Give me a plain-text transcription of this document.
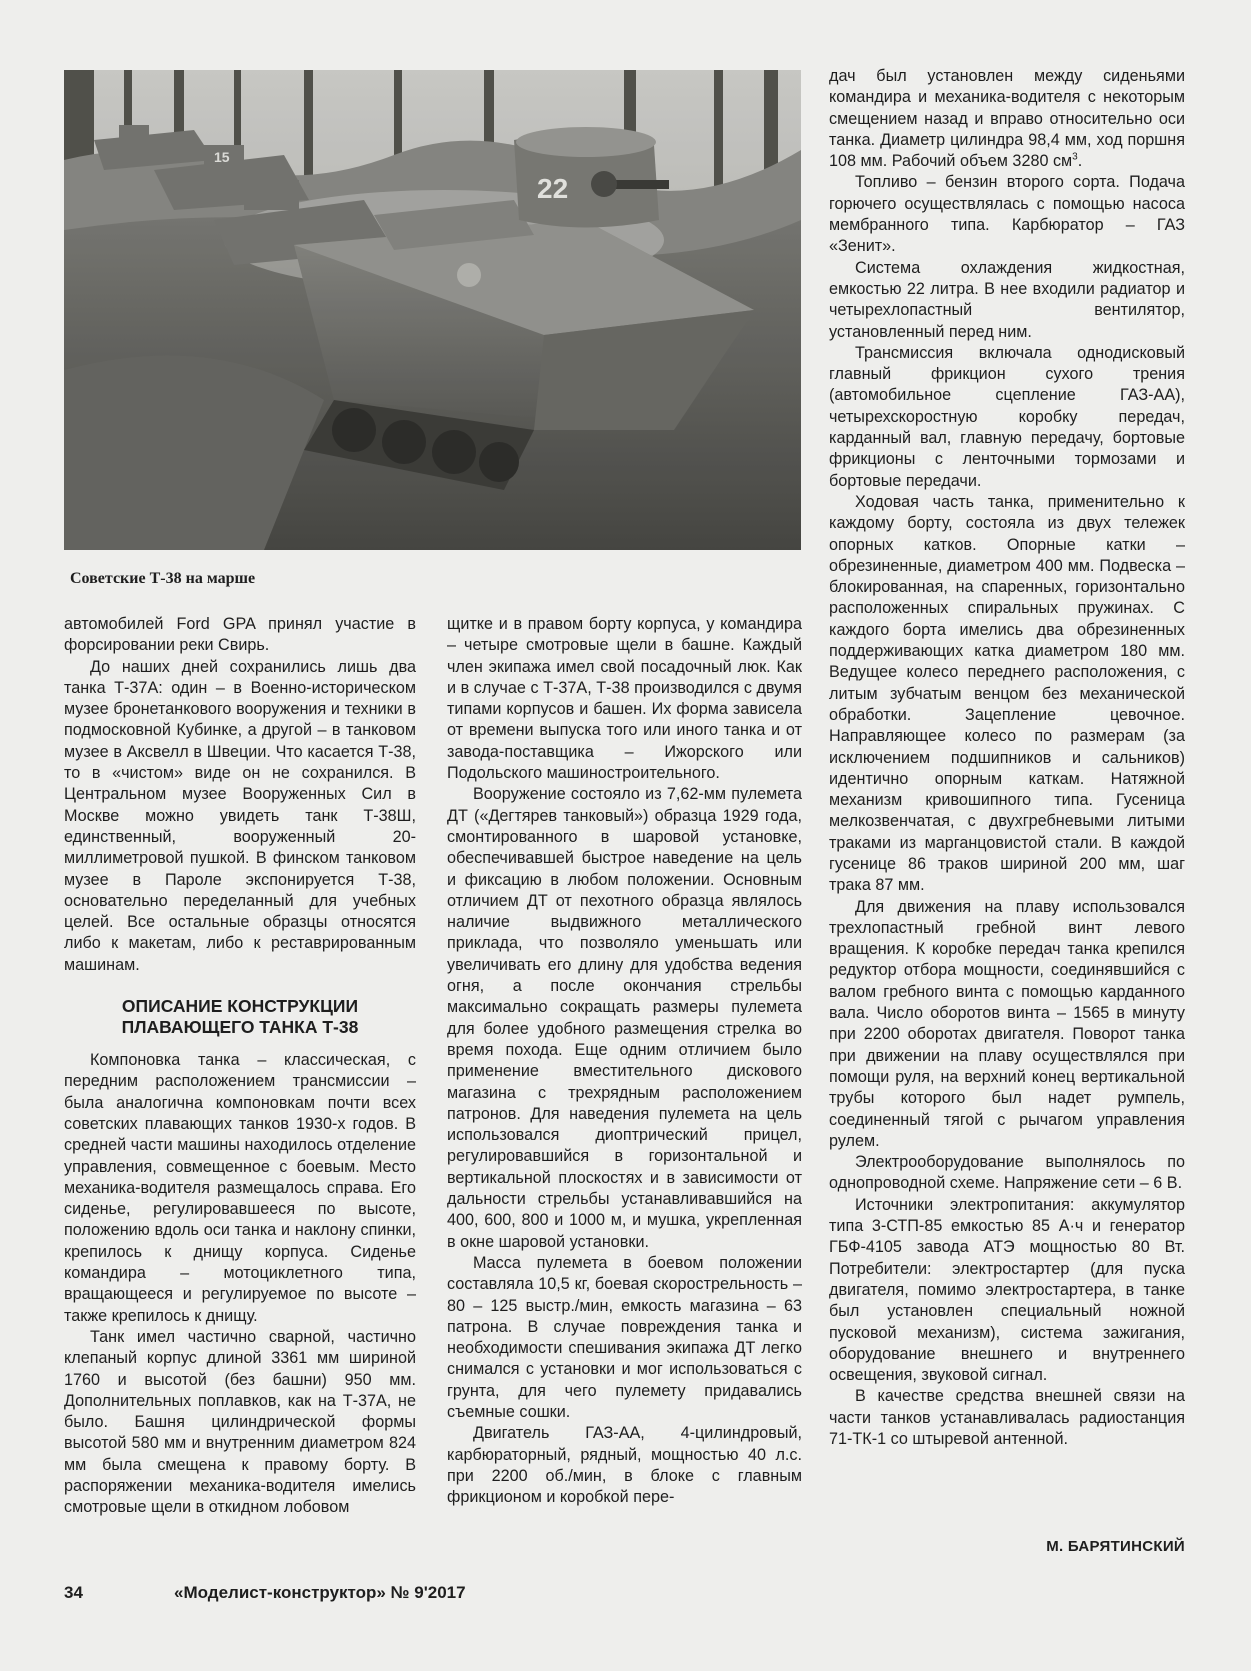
15
22
Советские Т-38 на марше

автомобилей Ford GPA принял участие в форсировании реки Свирь.

До наших дней сохранились лишь два танка Т-37А: один – в Военно-историческом музее бронетанкового вооружения и техники в подмосковной Кубинке, а другой – в танковом музее в Аксвелл в Швеции. Что касается Т-38, то в «чистом» виде он не сохранился. В Центральном музее Вооруженных Сил в Москве можно увидеть танк Т-38Ш, единственный, вооруженный 20-миллиметровой пушкой. В финском танковом музее в Пароле экспонируется Т-38, основательно переделанный для учебных целей. Все остальные образцы относятся либо к макетам, либо к реставрированным машинам.

ОПИСАНИЕ КОНСТРУКЦИИ
ПЛАВАЮЩЕГО ТАНКА Т-38

Компоновка танка – классическая, с передним расположением трансмиссии – была аналогична компоновкам почти всех советских плавающих танков 1930-х годов. В средней части машины находилось отделение управления, совмещенное с боевым. Место механика-водителя размещалось справа. Его сиденье, регулировавшееся по высоте, положению вдоль оси танка и наклону спинки, крепилось к днищу корпуса. Сиденье командира – мотоциклетного типа, вращающееся и регулируемое по высоте – также крепилось к днищу.

Танк имел частично сварной, частично клепаный корпус длиной 3361 мм шириной 1760 и высотой (без башни) 950 мм. Дополнительных поплавков, как на Т-37А, не было. Башня цилиндрической формы высотой 580 мм и внутренним диаметром 824 мм была смещена к правому борту. В распоряжении механика-водителя имелись смотровые щели в откидном лобовом

щитке и в правом борту корпуса, у командира – четыре смотровые щели в башне. Каждый член экипажа имел свой посадочный люк. Как и в случае с Т-37А, Т-38 производился с двумя типами корпусов и башен. Их форма зависела от времени выпуска того или иного танка и от завода-поставщика – Ижорского или Подольского машиностроительного.

Вооружение состояло из 7,62-мм пулемета ДТ («Дегтярев танковый») образца 1929 года, смонтированного в шаровой установке, обеспечивавшей быстрое наведение на цель и фиксацию в любом положении. Основным отличием ДТ от пехотного образца являлось наличие выдвижного металлического приклада, что позволяло уменьшать или увеличивать его длину для удобства ведения огня, а после окончания стрельбы максимально сокращать размеры пулемета для более удобного размещения стрелка во время похода. Еще одним отличием было применение вместительного дискового магазина с трехрядным расположением патронов. Для наведения пулемета на цель использовался диоптрический прицел, регулировавшийся в горизонтальной и вертикальной плоскостях и в зависимости от дальности стрельбы устанавливавшийся на 400, 600, 800 и 1000 м, и мушка, укрепленная в окне шаровой установки.

Масса пулемета в боевом положении составляла 10,5 кг, боевая скорострельность – 80 – 125 выстр./мин, емкость магазина – 63 патрона. В случае повреждения танка и необходимости спешивания экипажа ДТ легко снимался с установки и мог использоваться с грунта, для чего пулемету придавались съемные сошки.

Двигатель ГАЗ-АА, 4-цилиндровый, карбюраторный, рядный, мощностью 40 л.с. при 2200 об./мин, в блоке с главным фрикционом и коробкой пере-

дач был установлен между сиденьями командира и механика-водителя с некоторым смещением назад и вправо относительно оси танка. Диаметр цилиндра 98,4 мм, ход поршня 108 мм. Рабочий объем 3280 $см^3$.

Топливо – бензин второго сорта. Подача горючего осуществлялась с помощью насоса мембранного типа. Карбюратор – ГАЗ «Зенит».

Система охлаждения жидкостная, емкостью 22 литра. В нее входили радиатор и четырехлопастный вентилятор, установленный перед ним.

Трансмиссия включала однодисковый главный фрикцион сухого трения (автомобильное сцепление ГАЗ-АА), четырехскоростную коробку передач, карданный вал, главную передачу, бортовые фрикционы с ленточными тормозами и бортовые передачи.

Ходовая часть танка, применительно к каждому борту, состояла из двух тележек опорных катков. Опорные катки – обрезиненные, диаметром 400 мм. Подвеска – блокированная, на спаренных, горизонтально расположенных спиральных пружинах. С каждого борта имелись два обрезиненных поддерживающих катка диаметром 180 мм. Ведущее колесо переднего расположения, с литым зубчатым венцом без механической обработки. Зацепление цевочное. Направляющее колесо по размерам (за исключением подшипников и сальников) идентично опорным каткам. Натяжной механизм кривошипного типа. Гусеница мелкозвенчатая, с двухгребневыми литыми траками из марганцовистой стали. В каждой гусенице 86 траков шириной 200 мм, шаг трака 87 мм.

Для движения на плаву использовался трехлопастный гребной винт левого вращения. К коробке передач танка крепился редуктор отбора мощности, соединявшийся с валом гребного винта с помощью карданного вала. Число оборотов винта – 1565 в минуту при 2200 оборотах двигателя. Поворот танка при движении на плаву осуществлялся при помощи руля, на верхний конец вертикальной трубы которого был надет румпель, соединенный тягой с рычагом управления рулем.

Электрооборудование выполнялось по однопроводной схеме. Напряжение сети – 6 В.

Источники электропитания: аккумулятор типа 3-СТП-85 емкостью 85 А·ч и генератор ГБФ-4105 завода АТЭ мощностью 80 Вт. Потребители: электростартер (для пуска двигателя, помимо электростартера, в танке был установлен специальный ножной пусковой механизм), система зажигания, оборудование внешнего и внутреннего освещения, звуковой сигнал.

В качестве средства внешней связи на части танков устанавливалась радиостанция 71-ТК-1 со штыревой антенной.

М. БАРЯТИНСКИЙ
34	«Моделист-конструктор» № 9'2017
